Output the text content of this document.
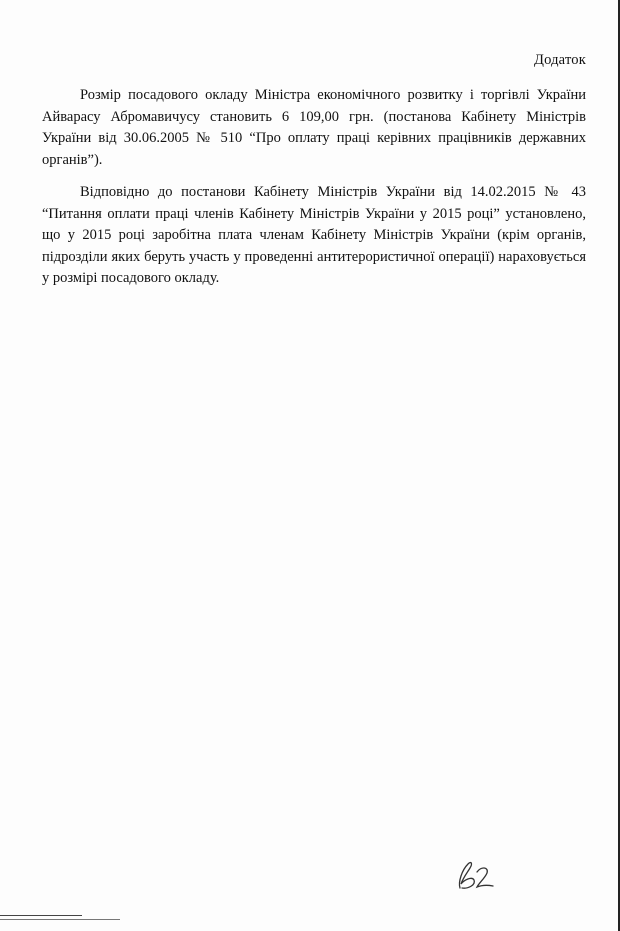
Додаток

Розмір посадового окладу Міністра економічного розвитку і торгівлі України Айварасу Абромавичусу становить 6 109,00 грн. (постанова Кабінету Міністрів України від 30.06.2005 № 510 “Про оплату праці керівних працівників державних органів”).

Відповідно до постанови Кабінету Міністрів України від 14.02.2015 № 43 “Питання оплати праці членів Кабінету Міністрів України у 2015 році” установлено, що у 2015 році заробітна плата членам Кабінету Міністрів України (крім органів, підрозділи яких беруть участь у проведенні антитерористичної операції) нараховується у розмірі посадового окладу.
